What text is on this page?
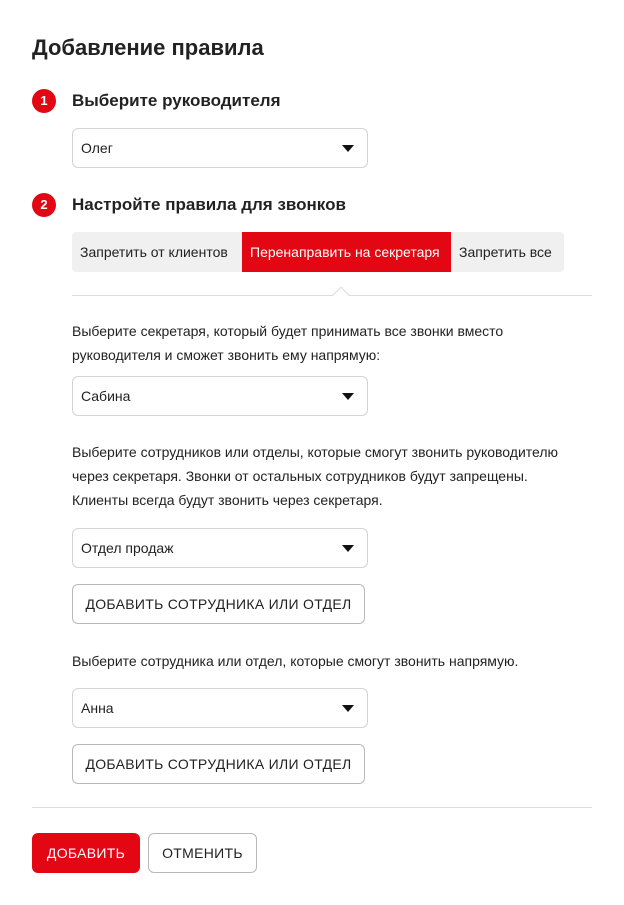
Добавление правила
1	Выберите руководителя
Олег
2	Настройте правила для звонков
Запретить от клиентов	Перенаправить на секретаря	Запретить все
Выберите секретаря, который будет принимать все звонки вместо
руководителя и сможет звонить ему напрямую:
Сабина
Выберите сотрудников или отделы, которые смогут звонить руководителю
через секретаря. Звонки от остальных сотрудников будут запрещены.
Клиенты всегда будут звонить через секретаря.
Отдел продаж
ДОБАВИТЬ СОТРУДНИКА ИЛИ ОТДЕЛ
Выберите сотрудника или отдел, которые смогут звонить напрямую.
Анна
ДОБАВИТЬ СОТРУДНИКА ИЛИ ОТДЕЛ
ДОБАВИТЬ	ОТМЕНИТЬ
